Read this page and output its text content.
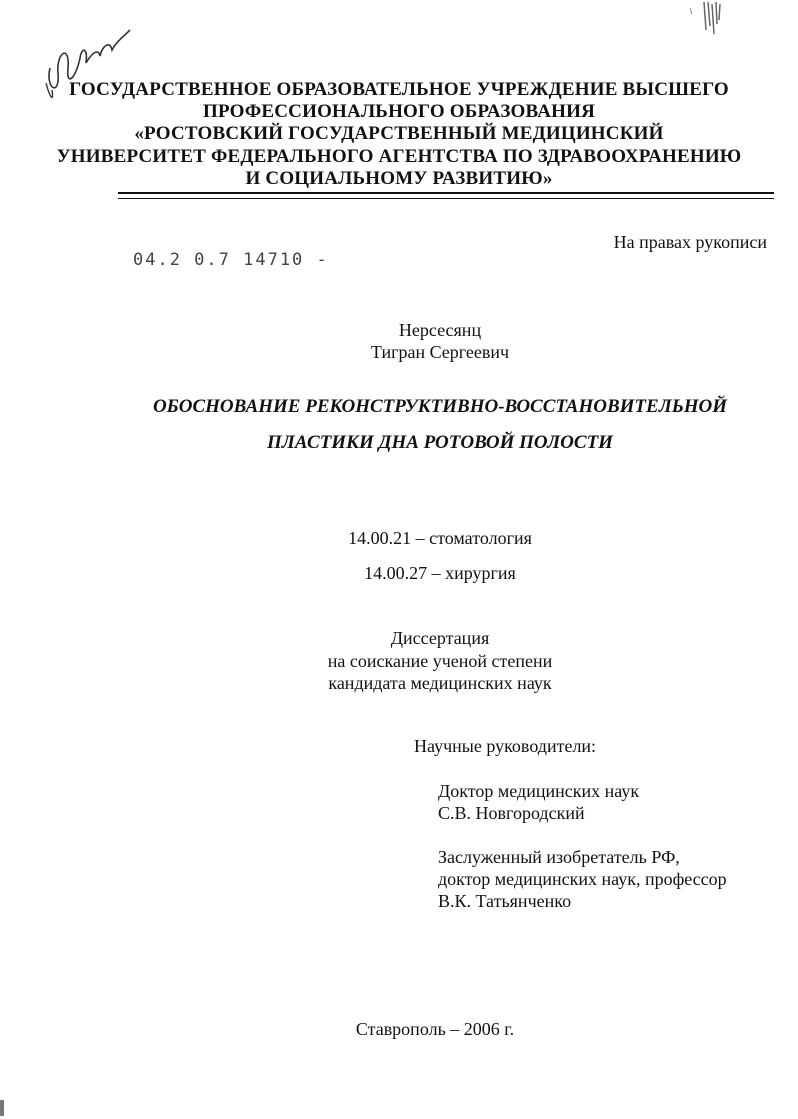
ГОСУДАРСТВЕННОЕ ОБРАЗОВАТЕЛЬНОЕ УЧРЕЖДЕНИЕ ВЫСШЕГО
ПРОФЕССИОНАЛЬНОГО ОБРАЗОВАНИЯ
«РОСТОВСКИЙ ГОСУДАРСТВЕННЫЙ МЕДИЦИНСКИЙ
УНИВЕРСИТЕТ ФЕДЕРАЛЬНОГО АГЕНТСТВА ПО ЗДРАВООХРАНЕНИЮ
И СОЦИАЛЬНОМУ РАЗВИТИЮ»
04.2 0.7 14710 -
На правах рукописи
Нерсесянц
Тигран Сергеевич
ОБОСНОВАНИЕ РЕКОНСТРУКТИВНО-ВОССТАНОВИТЕЛЬНОЙ
ПЛАСТИКИ ДНА РОТОВОЙ ПОЛОСТИ
14.00.21 – стоматология
14.00.27 – хирургия
Диссертация
на соискание ученой степени
кандидата медицинских наук
Научные руководители:
Доктор медицинских наук
С.В. Новгородский
Заслуженный изобретатель РФ,
доктор медицинских наук, профессор
В.К. Татьянченко
Ставрополь – 2006 г.
